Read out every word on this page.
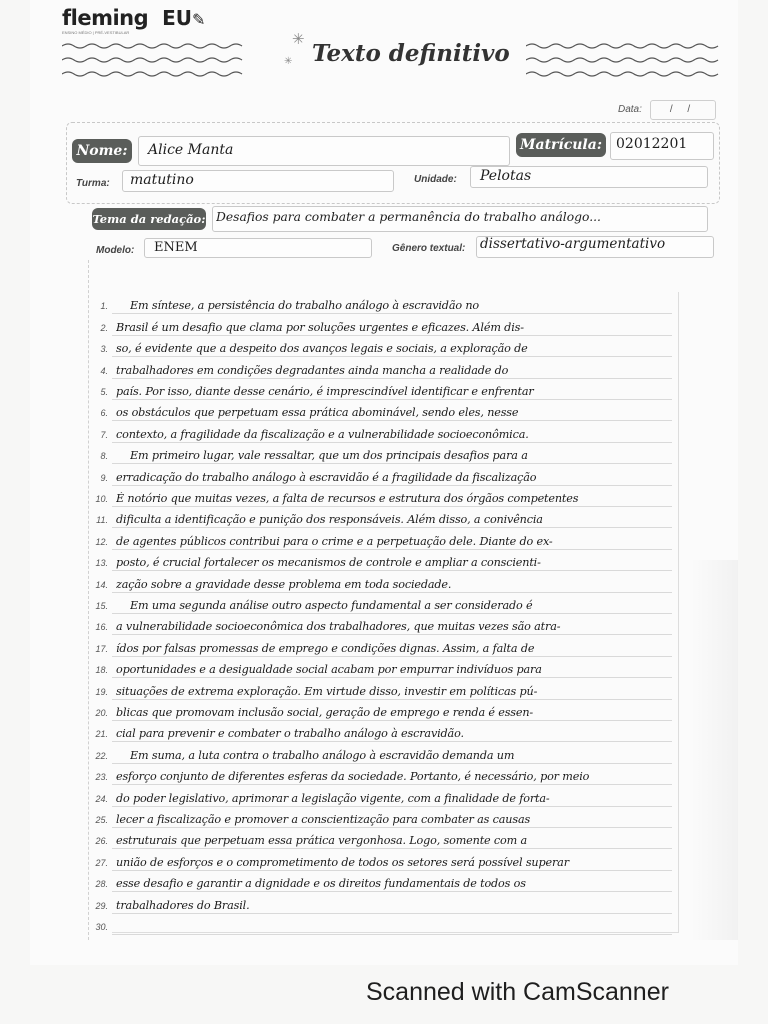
fleming EU✎
ENSINO MÉDIO | PRÉ-VESTIBULAR	✳
✳ Texto definitivo
Data:	/ /
Nome:	Alice Manta	Matrícula: 02012201
Turma: matutino	Unidade: Pelotas
Tema da redação: Desafios para combater a permanência do trabalho análogo...
Modelo: ENEM	Gênero textual: dissertativo-argumentativo
1. Em síntese, a persistência do trabalho análogo à escravidão no
2. Brasil é um desafio que clama por soluções urgentes e eficazes. Além dis-
3. so, é evidente que a despeito dos avanços legais e sociais, a exploração de
4. trabalhadores em condições degradantes ainda mancha a realidade do
5. país. Por isso, diante desse cenário, é imprescindível identificar e enfrentar
6. os obstáculos que perpetuam essa prática abominável, sendo eles, nesse
7. contexto, a fragilidade da fiscalização e a vulnerabilidade socioeconômica.
8. Em primeiro lugar, vale ressaltar, que um dos principais desafios para a
9. erradicação do trabalho análogo à escravidão é a fragilidade da fiscalização
10. É notório que muitas vezes, a falta de recursos e estrutura dos órgãos competentes
11. dificulta a identificação e punição dos responsáveis. Além disso, a conivência
12. de agentes públicos contribui para o crime e a perpetuação dele. Diante do ex-
13. posto, é crucial fortalecer os mecanismos de controle e ampliar a conscienti-
14. zação sobre a gravidade desse problema em toda sociedade.
15. Em uma segunda análise outro aspecto fundamental a ser considerado é
16. a vulnerabilidade socioeconômica dos trabalhadores, que muitas vezes são atra-
17. ídos por falsas promessas de emprego e condições dignas. Assim, a falta de
18. oportunidades e a desigualdade social acabam por empurrar indivíduos para
19. situações de extrema exploração. Em virtude disso, investir em políticas pú-
20. blicas que promovam inclusão social, geração de emprego e renda é essen-
21. cial para prevenir e combater o trabalho análogo à escravidão.
22. Em suma, a luta contra o trabalho análogo à escravidão demanda um
23. esforço conjunto de diferentes esferas da sociedade. Portanto, é necessário, por meio
24. do poder legislativo, aprimorar a legislação vigente, com a finalidade de forta-
25. lecer a fiscalização e promover a conscientização para combater as causas
26. estruturais que perpetuam essa prática vergonhosa. Logo, somente com a
27. união de esforços e o comprometimento de todos os setores será possível superar
28. esse desafio e garantir a dignidade e os direitos fundamentais de todos os
29. trabalhadores do Brasil.
30.
Scanned with CamScanner
